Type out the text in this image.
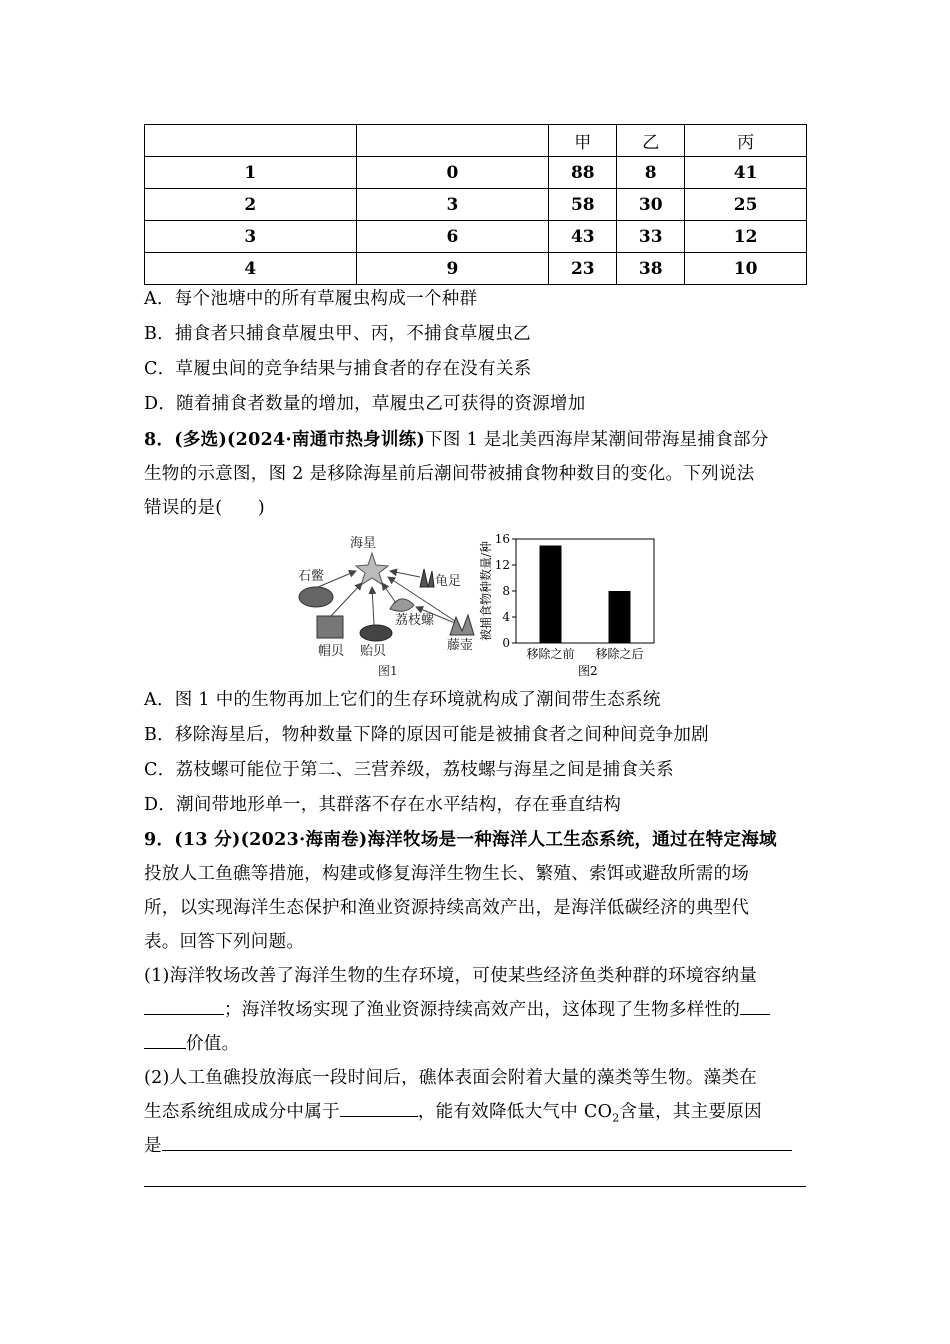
		甲	乙	丙
1	0	88	8	41
2	3	58	30	25
3	6	43	33	12
4	9	23	38	10
A．每个池塘中的所有草履虫构成一个种群
B．捕食者只捕食草履虫甲、丙，不捕食草履虫乙
C．草履虫间的竞争结果与捕食者的存在没有关系
D．随着捕食者数量的增加，草履虫乙可获得的资源增加
8．(多选)(2024·南通市热身训练)下图 1 是北美西海岸某潮间带海星捕食部分
生物的示意图，图 2 是移除海星前后潮间带被捕食物种数目的变化。下列说法
错误的是(　　)
海星
石鳖	龟足
荔枝螺
帽贝 贻贝	藤壶
图1
0
4
8
12
16
移除之前 移除之后
被捕食物种数量/种
图2
A．图 1 中的生物再加上它们的生存环境就构成了潮间带生态系统
B．移除海星后，物种数量下降的原因可能是被捕食者之间种间竞争加剧
C．荔枝螺可能位于第二、三营养级，荔枝螺与海星之间是捕食关系
D．潮间带地形单一，其群落不存在水平结构，存在垂直结构
9．(13 分)(2023·海南卷)海洋牧场是一种海洋人工生态系统，通过在特定海域
投放人工鱼礁等措施，构建或修复海洋生物生长、繁殖、索饵或避敌所需的场
所，以实现海洋生态保护和渔业资源持续高效产出，是海洋低碳经济的典型代
表。回答下列问题。
(1)海洋牧场改善了海洋生物的生存环境，可使某些经济鱼类种群的环境容纳量
；海洋牧场实现了渔业资源持续高效产出，这体现了生物多样性的
价值。
(2)人工鱼礁投放海底一段时间后，礁体表面会附着大量的藻类等生物。藻类在
生态系统组成成分中属于	，能有效降低大气中 $CO_2$含量，其主要原因
是
